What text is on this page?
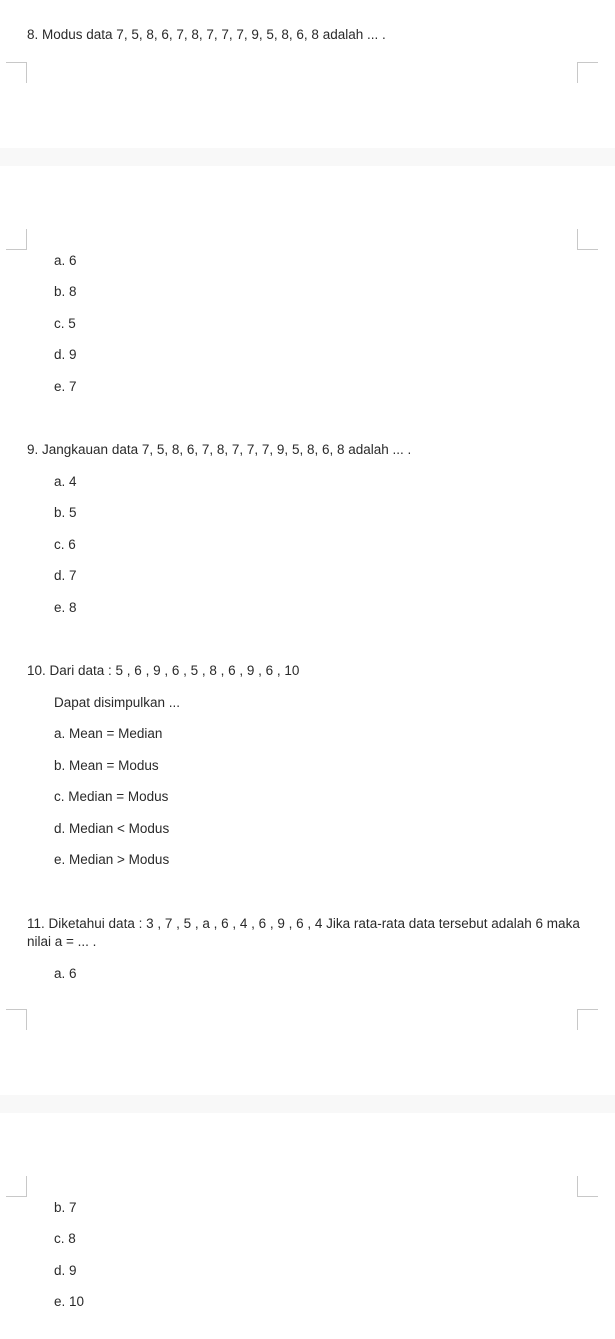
8. Modus data 7, 5, 8, 6, 7, 8, 7, 7, 7, 9, 5, 8, 6, 8 adalah ... .
a. 6
b. 8
c. 5
d. 9
e. 7
9. Jangkauan data 7, 5, 8, 6, 7, 8, 7, 7, 7, 9, 5, 8, 6, 8 adalah ... .
a. 4
b. 5
c. 6
d. 7
e. 8
10. Dari data : 5 , 6 , 9 , 6 , 5 , 8 , 6 , 9 , 6 , 10
Dapat disimpulkan ...
a. Mean = Median
b. Mean = Modus
c. Median = Modus
d. Median < Modus
e. Median > Modus
11. Diketahui data : 3 , 7 , 5 , a , 6 , 4 , 6 , 9 , 6 , 4 Jika rata-rata data tersebut adalah 6 maka nilai a = ... .
a. 6
b. 7
c. 8
d. 9
e. 10
